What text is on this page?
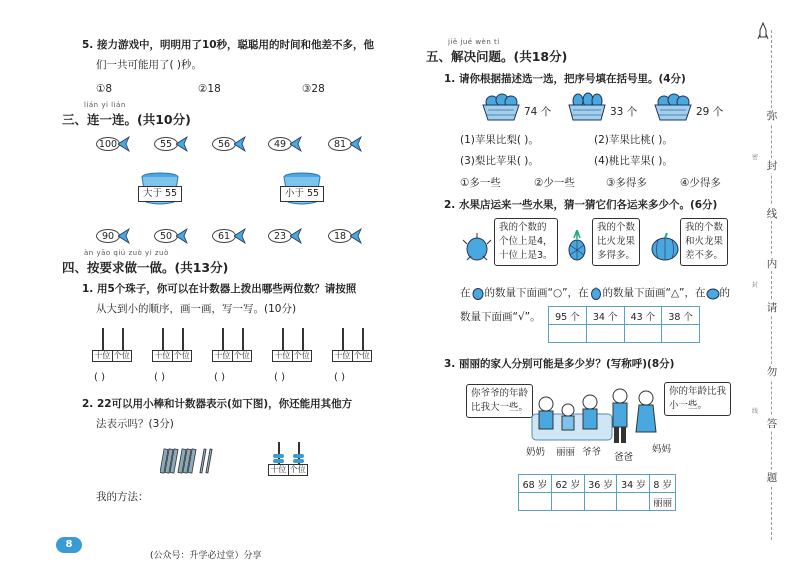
5. 接力游戏中，明明用了10秒，聪聪用的时间和他差不多，他
们一共可能用了( )秒。
①8	②18	③28
lián yi lián
三、连一连。(共10分)
100	55	56	49	81
大于 55	小于 55
90	50	61	23	18
àn yāo qiú zuò yi zuò
四、按要求做一做。(共13分)
1. 用5个珠子，你可以在计数器上拨出哪些两位数？请按照
从大到小的顺序，画一画，写一写。(10分)
十位 个位
( )
十位 个位
( )
十位 个位
( )
十位 个位
( )
十位 个位
( )
2. 22可以用小棒和计数器表示(如下图)，你还能用其他方
法表示吗？(3分)
十位 个位
我的方法：
8
(公众号：升学必过堂）分享
jiě jué wèn tí
五、解决问题。(共18分)
1. 请你根据描述选一选，把序号填在括号里。(4分)
74 个	33 个	29 个
(1)苹果比梨( )。	(2)苹果比桃( )。
(3)梨比苹果( )。	(4)桃比苹果( )。
①多一些	②少一些	③多得多	④少得多
2. 水果店运来一些水果，猜一猜它们各运来多少个。(6分)
我的个数的
个位上是4，
十位上是3。
我的个数
比火龙果
多得多。
我的个数
和火龙果
差不多。
在 的数量下面画“○”，在 的数量下面画“△”，在 的
数量下面画“√”。 95 个	34 个	43 个	38 个

3. 丽丽的家人分别可能是多少岁？(写称呼)(8分)
你爷爷的年龄
比我大一些。
你的年龄比我
小一些。
奶奶 丽丽 爷爷 爸爸
妈妈
68 岁	62 岁	36 岁	34 岁	8 岁
				丽丽
弥
封
线
内
请
勿
答
题
密
封
线
